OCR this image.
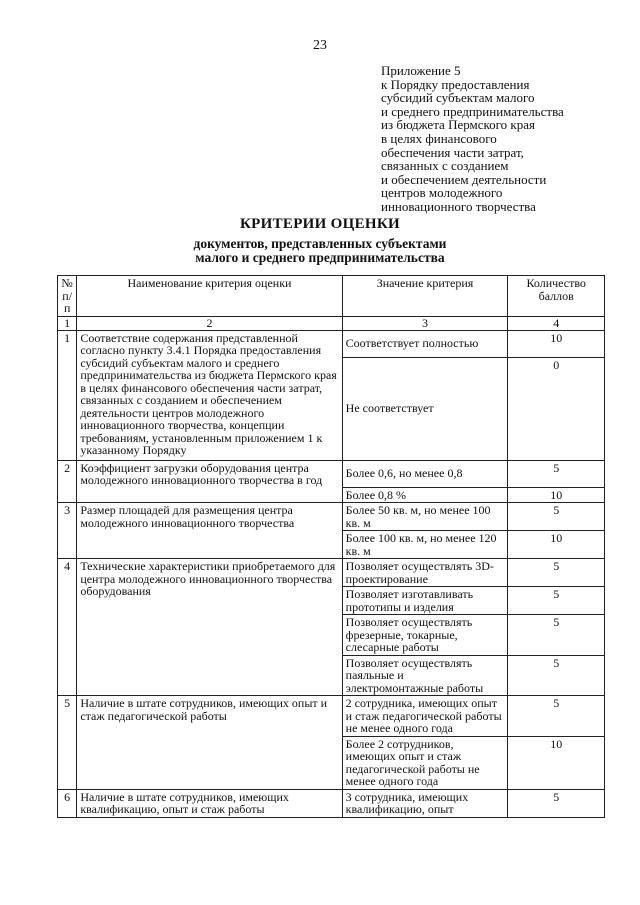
23
Приложение 5
к Порядку предоставления
субсидий субъектам малого
и среднего предпринимательства
из бюджета Пермского края
в целях финансового
обеспечения части затрат,
связанных с созданием
и обеспечением деятельности
центров молодежного
инновационного творчества
КРИТЕРИИ ОЦЕНКИ
документов, представленных субъектами
малого и среднего предпринимательства
№ п/п	Наименование критерия оценки	Значение критерия	Количество баллов
1	2	3	4
1	Соответствие содержания представленной согласно пункту 3.4.1 Порядка предоставления субсидий субъектам малого и среднего предпринимательства из бюджета Пермского края в целях финансового обеспечения части затрат, связанных с созданием и обеспечением деятельности центров молодежного инновационного творчества, концепции требованиям, установленным приложением 1 к указанному Порядку	Соответствует полностью	10
		Не соответствует	0
2	Коэффициент загрузки оборудования центра молодежного инновационного творчества в год	Более 0,6, но менее 0,8	5
		Более 0,8 %	10
3	Размер площадей для размещения центра молодежного инновационного творчества	Более 50 кв. м, но менее 100 кв. м	5
		Более 100 кв. м, но менее 120 кв. м	10
4	Технические характеристики приобретаемого для центра молодежного инновационного творчества оборудования	Позволяет осуществлять 3D-проектирование	5
		Позволяет изготавливать прототипы и изделия	5
		Позволяет осуществлять фрезерные, токарные, слесарные работы	5
		Позволяет осуществлять паяльные и электромонтажные работы	5
5	Наличие в штате сотрудников, имеющих опыт и стаж педагогической работы	2 сотрудника, имеющих опыт и стаж педагогической работы не менее одного года	5
		Более 2 сотрудников, имеющих опыт и стаж педагогической работы не менее одного года	10
6	Наличие в штате сотрудников, имеющих квалификацию, опыт и стаж работы	3 сотрудника, имеющих квалификацию, опыт	5
